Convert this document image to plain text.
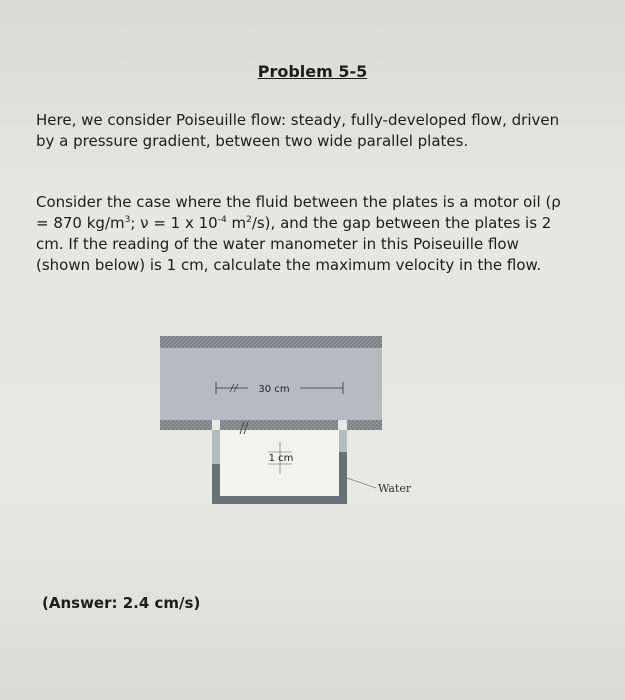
Problem 5-5
Here, we consider Poiseuille flow: steady, fully-developed flow, driven by a pressure gradient, between two wide parallel plates.
Consider the case where the fluid between the plates is a motor oil (ρ = 870 $kg/m^3$; ν = 1 x $10^{-4}$ $m^2/s$), and the gap between the plates is 2 cm. If the reading of the water manometer in this Poiseuille flow (shown below) is 1 cm, calculate the maximum velocity in the flow.
30 cm
1 cm
Water
(Answer: 2.4 cm/s)
